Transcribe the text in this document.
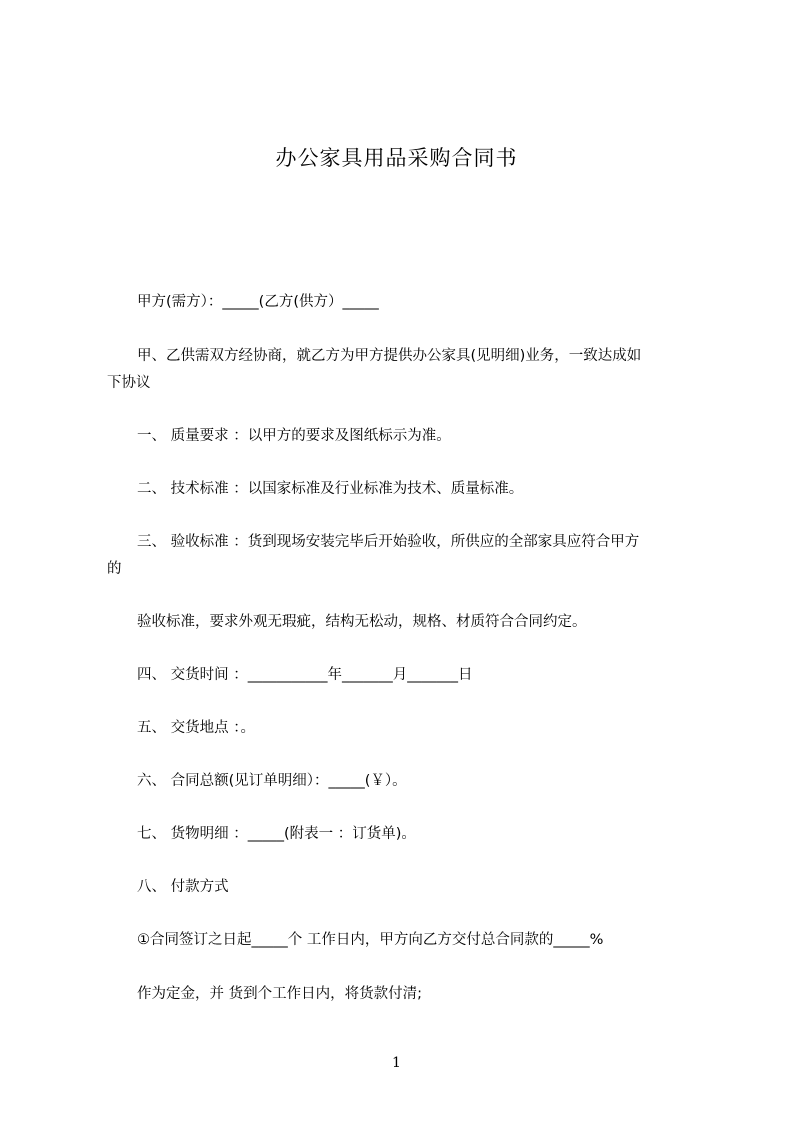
办公家具用品采购合同书
甲方(需方）：_____(乙方(供方）_____
甲、乙供需双方经协商，就乙方为甲方提供办公家具(见明细)业务，一致达成如
下协议
一、 质量要求 ：以甲方的要求及图纸标示为准。
二、 技术标准 ：以国家标准及行业标准为技术、质量标准。
三、 验收标准 ：货到现场安装完毕后开始验收，所供应的全部家具应符合甲方
的
验收标准，要求外观无瑕疵，结构无松动，规格、材质符合合同约定。
四、 交货时间 ：___________年_______月_______日
五、 交货地点 ：。
六、 合同总额(见订单明细）：_____(￥）。
七、 货物明细 ：_____(附表一 ：订货单)。
八、 付款方式
①合同签订之日起_____个 工作日内，甲方向乙方交付总合同款的_____%
作为定金，并 货到个工作日内，将货款付清;
1
